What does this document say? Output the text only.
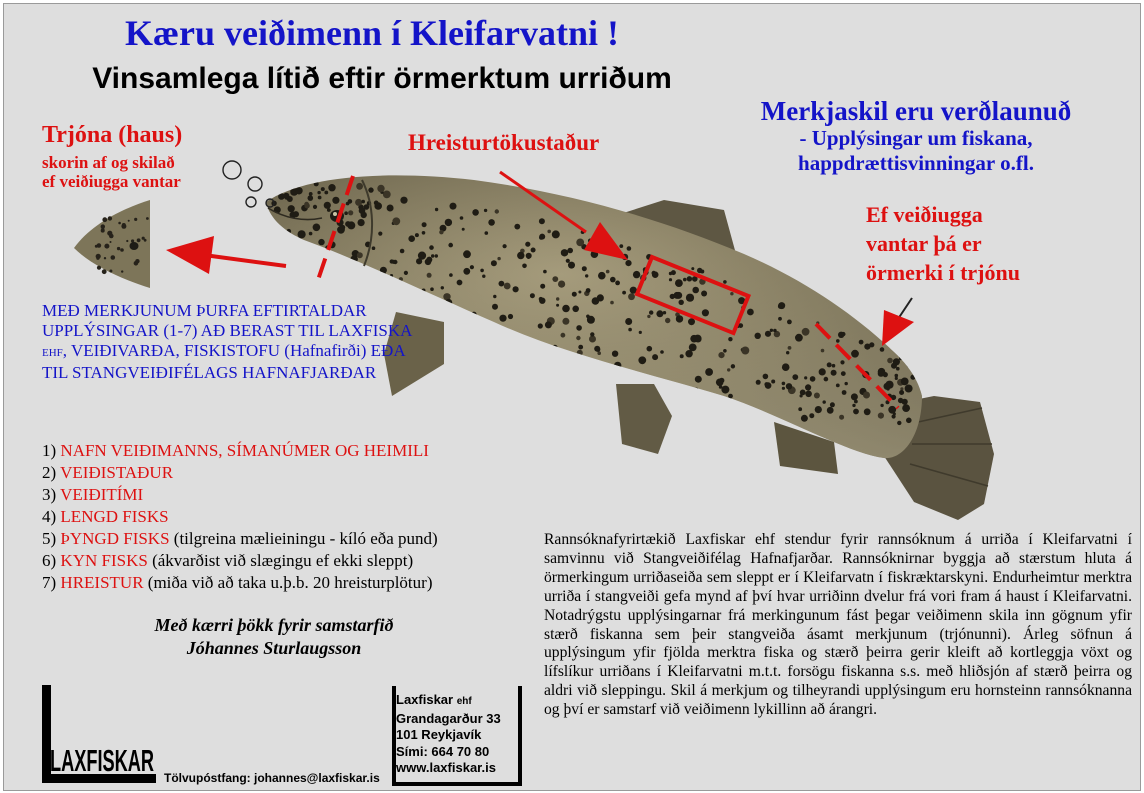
Kæru veiðimenn í Kleifarvatni !
Vinsamlega lítið eftir örmerktum urriðum
Trjóna (haus)
skorin af og skilað
ef veiðiugga vantar
Hreisturtökustaður
Merkjaskil eru verðlaunuð
- Upplýsingar um fiskana,
happdrættisvinningar o.fl.
Ef veiðiugga
vantar þá er
örmerki í trjónu
MEÐ MERKJUNUM ÞURFA EFTIRTALDAR UPPLÝSINGAR (1-7) AÐ BERAST TIL LAXFISKA EHF, VEIÐIVARÐA, FISKISTOFU (Hafnafirði) EÐA TIL STANGVEIÐIFÉLAGS HAFNAFJARÐAR
1) NAFN VEIÐIMANNS, SÍMANÚMER OG HEIMILI
2) VEIÐISTAÐUR
3) VEIÐITÍMI
4) LENGD FISKS
5) ÞYNGD FISKS (tilgreina mælieiningu - kíló eða pund)
6) KYN FISKS (ákvarðist við slægingu ef ekki sleppt)
7) HREISTUR (miða við að taka u.þ.b. 20 hreisturplötur)
Með kærri þökk fyrir samstarfið
Jóhannes Sturlaugsson
LAXFISKAR Tölvupóstfang: johannes@laxfiskar.is
Laxfiskar ehf
Grandagarður 33
101 Reykjavík
Sími: 664 70 80
www.laxfiskar.is
Rannsóknafyrirtækið Laxfiskar ehf stendur fyrir rannsóknum á urriða í Kleifarvatni í samvinnu við Stangveiðifélag Hafnafjarðar. Rannsóknirnar byggja að stærstum hluta á örmerkingum urriðaseiða sem sleppt er í Kleifarvatn í fiskræktarskyni. Endurheimtur merktra urriða í stangveiði gefa mynd af því hvar urriðinn dvelur frá vori fram á haust í Kleifarvatni. Notadrýgstu upplýsingarnar frá merkingunum fást þegar veiðimenn skila inn gögnum yfir stærð fiskanna sem þeir stangveiða ásamt merkjunum (trjónunni). Árleg söfnun á upplýsingum yfir fjölda merktra fiska og stærð þeirra gerir kleift að kortleggja vöxt og lífslíkur urriðans í Kleifarvatni m.t.t. forsögu fiskanna s.s. með hliðsjón af stærð þeirra og aldri við sleppingu. Skil á merkjum og tilheyrandi upplýsingum eru hornsteinn rannsóknanna og því er samstarf við veiðimenn lykillinn að árangri.
